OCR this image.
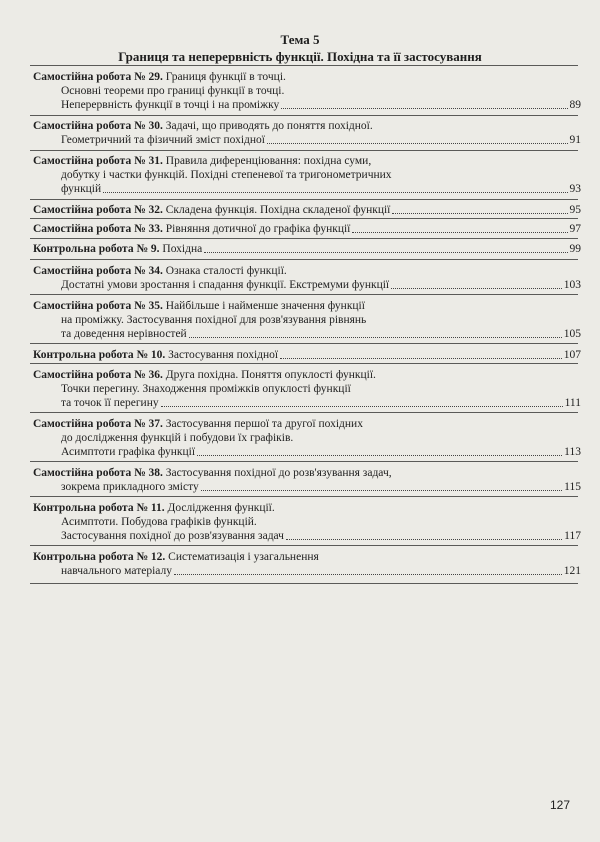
Тема 5
Границя та неперервність функції. Похідна та її застосування
Самостійна робота № 29. Границя функції в точці.
Основні теореми про границі функції в точці.
Неперервність функції в точці і на проміжку	89
Самостійна робота № 30. Задачі, що приводять до поняття похідної.
Геометричний та фізичний зміст похідної	91
Самостійна робота № 31. Правила диференціювання: похідна суми,
добутку і частки функцій. Похідні степеневої та тригонометричних
функцій	93
Самостійна робота № 32. Складена функція. Похідна складеної функції	95
Самостійна робота № 33. Рівняння дотичної до графіка функції	97
Контрольна робота № 9. Похідна	99
Самостійна робота № 34. Ознака сталості функції.
Достатні умови зростання і спадання функції. Екстремуми функції	103
Самостійна робота № 35. Найбільше і найменше значення функції
на проміжку. Застосування похідної для розв'язування рівнянь
та доведення нерівностей	105
Контрольна робота № 10. Застосування похідної	107
Самостійна робота № 36. Друга похідна. Поняття опуклості функції.
Точки перегину. Знаходження проміжків опуклості функції
та точок її перегину	111
Самостійна робота № 37. Застосування першої та другої похідних
до дослідження функцій і побудови їх графіків.
Асимптоти графіка функції	113
Самостійна робота № 38. Застосування похідної до розв'язування задач,
зокрема прикладного змісту	115
Контрольна робота № 11. Дослідження функції.
Асимптоти. Побудова графіків функцій.
Застосування похідної до розв'язування задач	117
Контрольна робота № 12. Систематизація і узагальнення
навчального матеріалу	121
127
